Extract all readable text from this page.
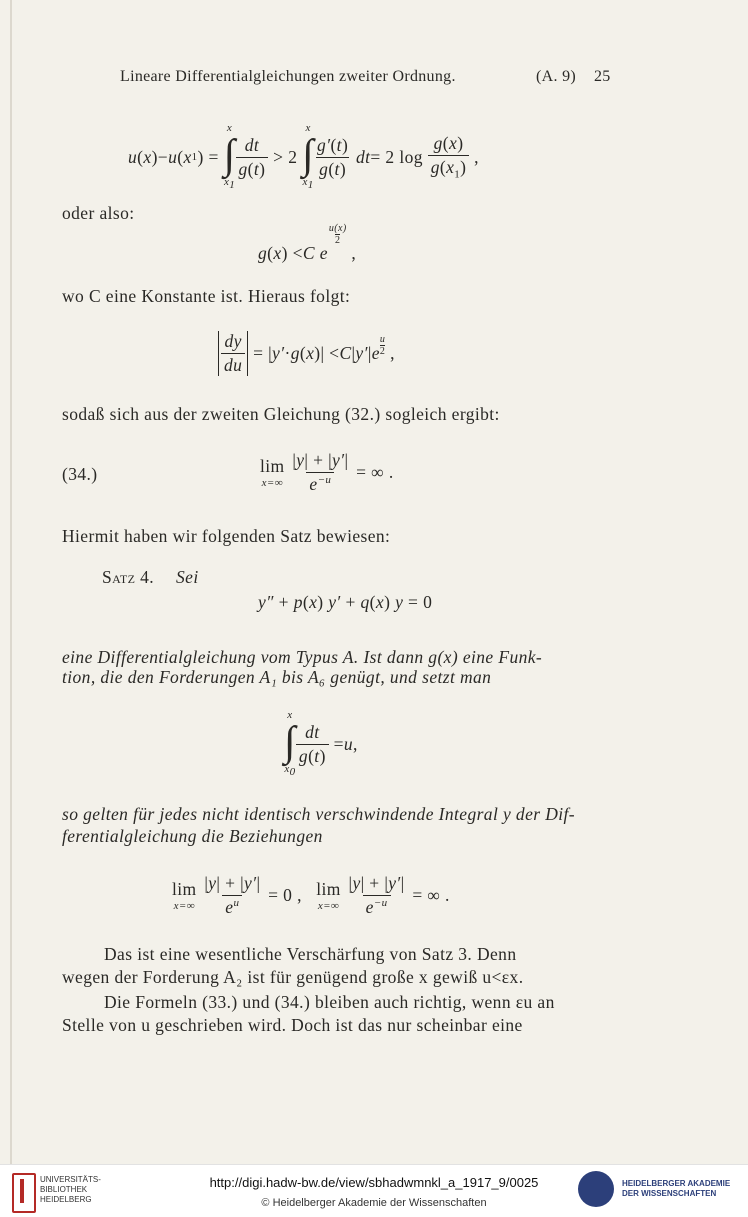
Lineare Differentialgleichungen zweiter Ordnung.	(A. 9) 25
u ( x )− u ( x 1 ) =
x
∫
$x_1$
$\frac{dt}{g(t)} > 2$
x
∫
$x_1$
$\frac{g'(t)}{g(t)}$
dt = 2 $\log \frac{g(x)}{g(x_1)}$ ,
oder also:
g ( x ) < C e
u(x)
2
,
wo C eine Konstante ist. Hieraus folgt:
$\frac{dy}{du}$ = | y′ · g ( x )| < C | y′ | e
u
2 ,
sodaß sich aus der zweiten Gleichung (32.) sogleich ergibt:
(34.)	lim
x=∞
$\frac{|y| + |y'|}{e^{-u}}$ = ∞ .
Hiermit haben wir folgenden Satz bewiesen:
Satz 4. Sei
y″ + p(x) y′ + q(x) y = 0
eine Differentialgleichung vom Typus A. Ist dann g(x) eine Funk-
tion, die den Forderungen A₁ bis A₆ genügt, und setzt man
x
∫
$x_0$
$\frac{dt}{g(t)} = u$ ,
so gelten für jedes nicht identisch verschwindende Integral y der Dif-
ferentialgleichung die Beziehungen
lim
x=∞
$\frac{|y| + |y'|}{e^u} = 0$ , lim
x=∞
$\frac{|y| + |y'|}{e^{-u}}$ = ∞ .
Das ist eine wesentliche Verschärfung von Satz 3. Denn
wegen der Forderung A₂ ist für genügend große x gewiß u<εx.
Die Formeln (33.) und (34.) bleiben auch richtig, wenn εu an
Stelle von u geschrieben wird. Doch ist das nur scheinbar eine
UNIVERSITÄTS-
BIBLIOTHEK
HEIDELBERG
http://digi.hadw-bw.de/view/sbhadwmnkl_a_1917_9/0025
© Heidelberger Akademie der Wissenschaften
HEIDELBERGER AKADEMIE
DER WISSENSCHAFTEN
